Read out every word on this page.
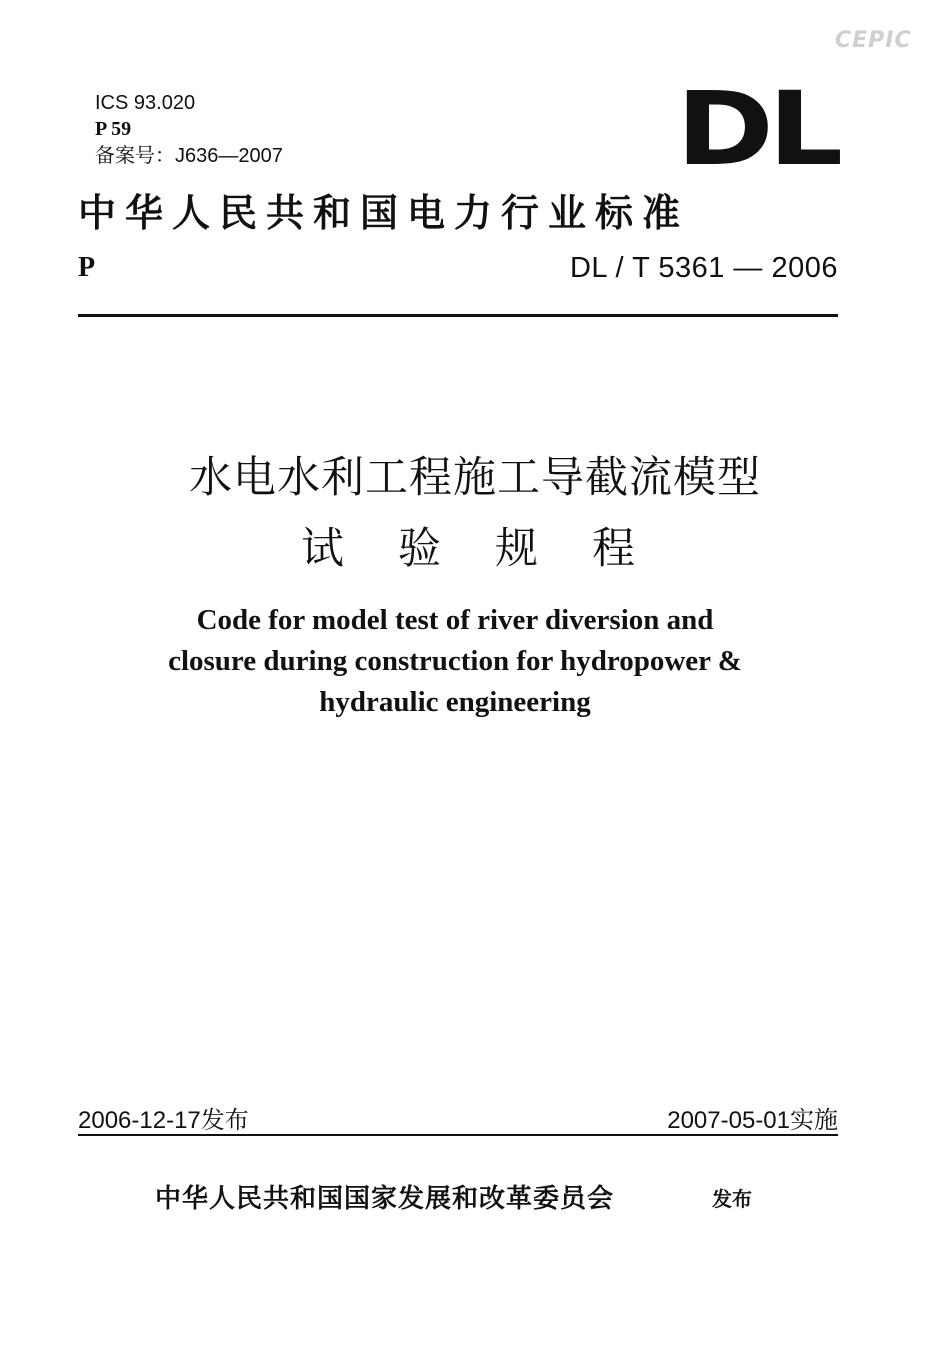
CEPIC
ICS 93.020
P 59
备案号：J636—2007	DL
中华人民共和国电力行业标准
P	DL / T 5361 — 2006
水电水利工程施工导截流模型
试验规程
Code for model test of river diversion and
closure during construction for hydropower &
hydraulic engineering
2006-12-17发布	2007-05-01实施
中华人民共和国国家发展和改革委员会	发布
